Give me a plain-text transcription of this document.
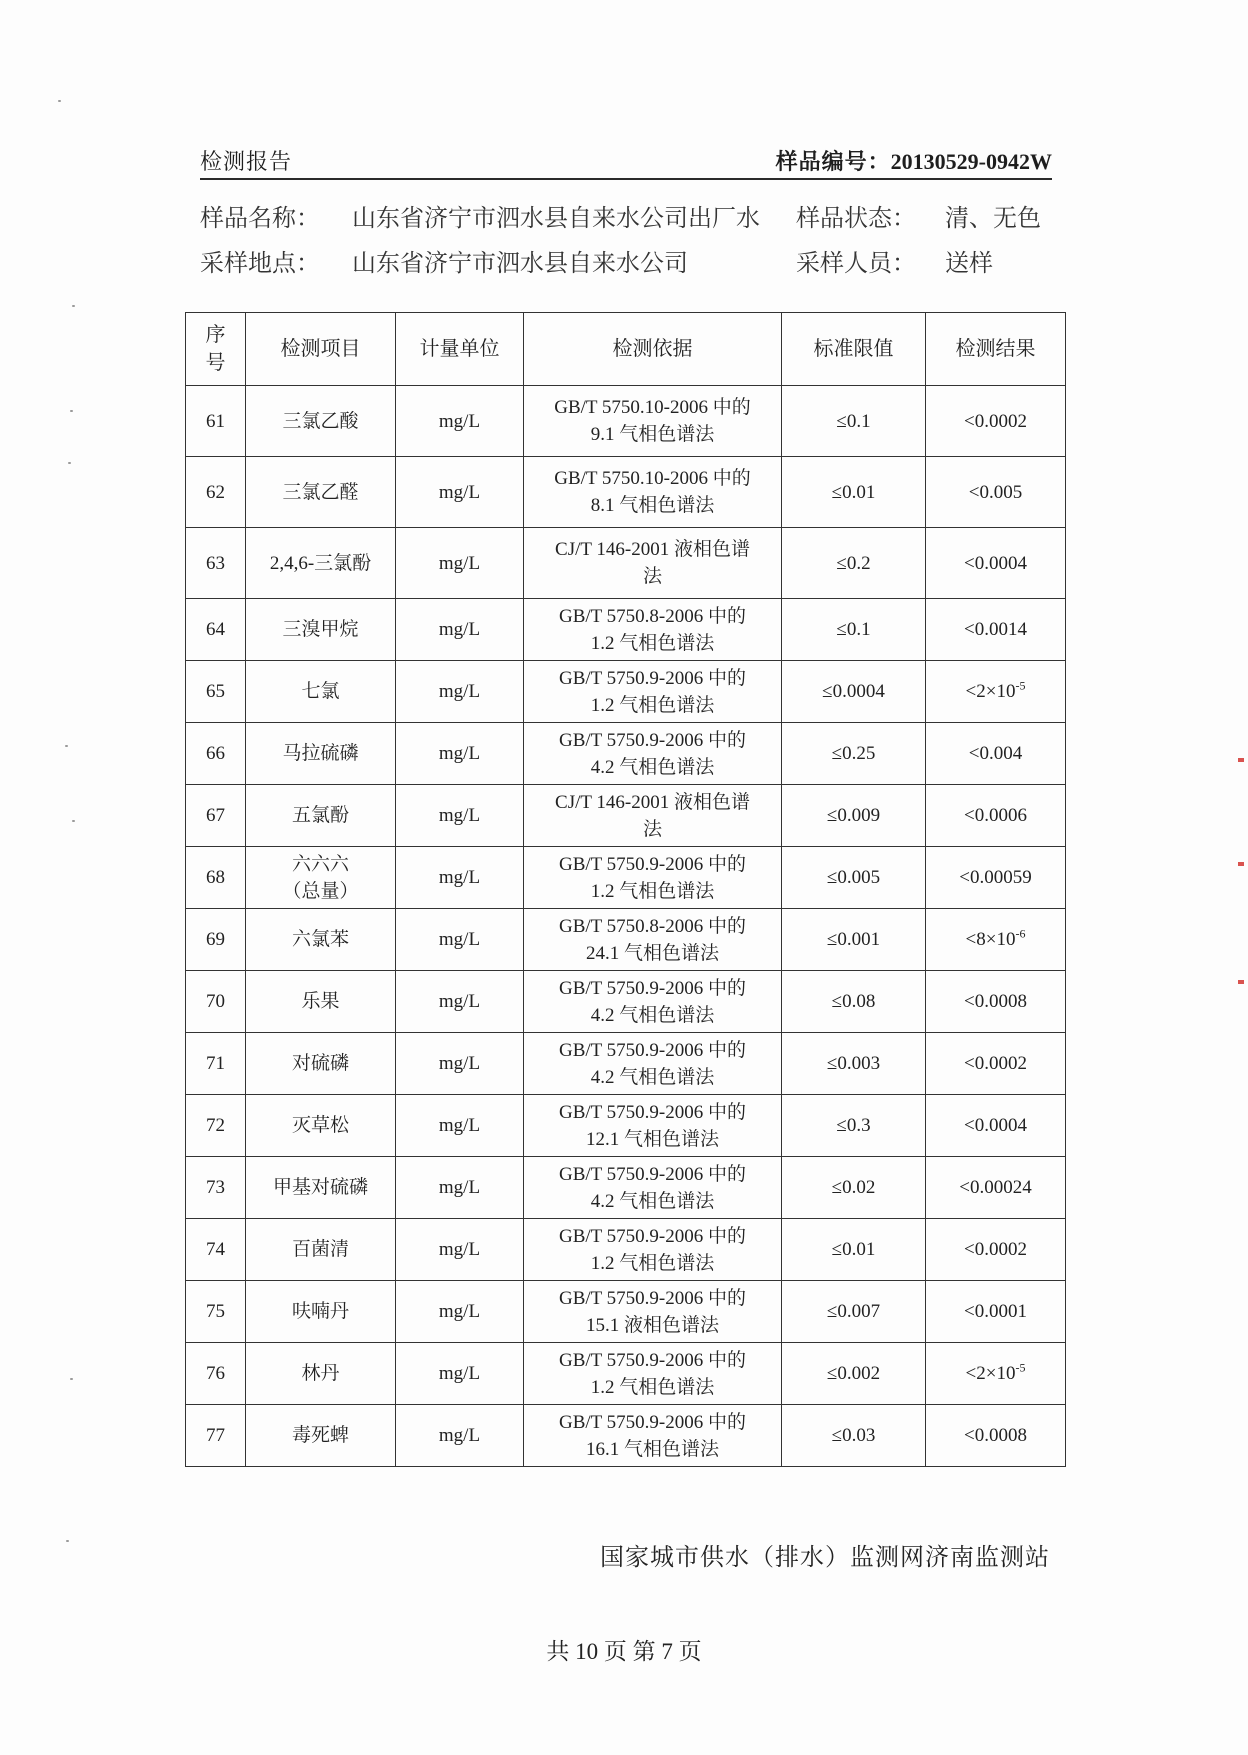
检测报告	样品编号：20130529-0942W
样品名称： 山东省济宁市泗水县自来水公司出厂水 样品状态： 清、无色
采样地点： 山东省济宁市泗水县自来水公司	采样人员： 送样
序号	检测项目	计量单位	检测依据	标准限值	检测结果
61	三氯乙酸	mg/L	GB/T 5750.10-2006 中的
9.1 气相色谱法	≤0.1	<0.0002
62	三氯乙醛	mg/L	GB/T 5750.10-2006 中的
8.1 气相色谱法	≤0.01	<0.005
63	2,4,6-三氯酚	mg/L	CJ/T 146-2001 液相色谱
法	≤0.2	<0.0004
64	三溴甲烷	mg/L	GB/T 5750.8-2006 中的
1.2 气相色谱法	≤0.1	<0.0014
65	七氯	mg/L	GB/T 5750.9-2006 中的
1.2 气相色谱法	≤0.0004	$<2\times 10^{-5}$
66	马拉硫磷	mg/L	GB/T 5750.9-2006 中的
4.2 气相色谱法	≤0.25	<0.004
67	五氯酚	mg/L	CJ/T 146-2001 液相色谱
法	≤0.009	<0.0006
68	六六六
（总量）	mg/L	GB/T 5750.9-2006 中的
1.2 气相色谱法	≤0.005	<0.00059
69	六氯苯	mg/L	GB/T 5750.8-2006 中的
24.1 气相色谱法	≤0.001	$<8\times 10^{-6}$
70	乐果	mg/L	GB/T 5750.9-2006 中的
4.2 气相色谱法	≤0.08	<0.0008
71	对硫磷	mg/L	GB/T 5750.9-2006 中的
4.2 气相色谱法	≤0.003	<0.0002
72	灭草松	mg/L	GB/T 5750.9-2006 中的
12.1 气相色谱法	≤0.3	<0.0004
73	甲基对硫磷	mg/L	GB/T 5750.9-2006 中的
4.2 气相色谱法	≤0.02	<0.00024
74	百菌清	mg/L	GB/T 5750.9-2006 中的
1.2 气相色谱法	≤0.01	<0.0002
75	呋喃丹	mg/L	GB/T 5750.9-2006 中的
15.1 液相色谱法	≤0.007	<0.0001
76	林丹	mg/L	GB/T 5750.9-2006 中的
1.2 气相色谱法	≤0.002	$<2\times 10^{-5}$
77	毒死蜱	mg/L	GB/T 5750.9-2006 中的
16.1 气相色谱法	≤0.03	<0.0008
国家城市供水（排水）监测网济南监测站
共 10 页 第 7 页
